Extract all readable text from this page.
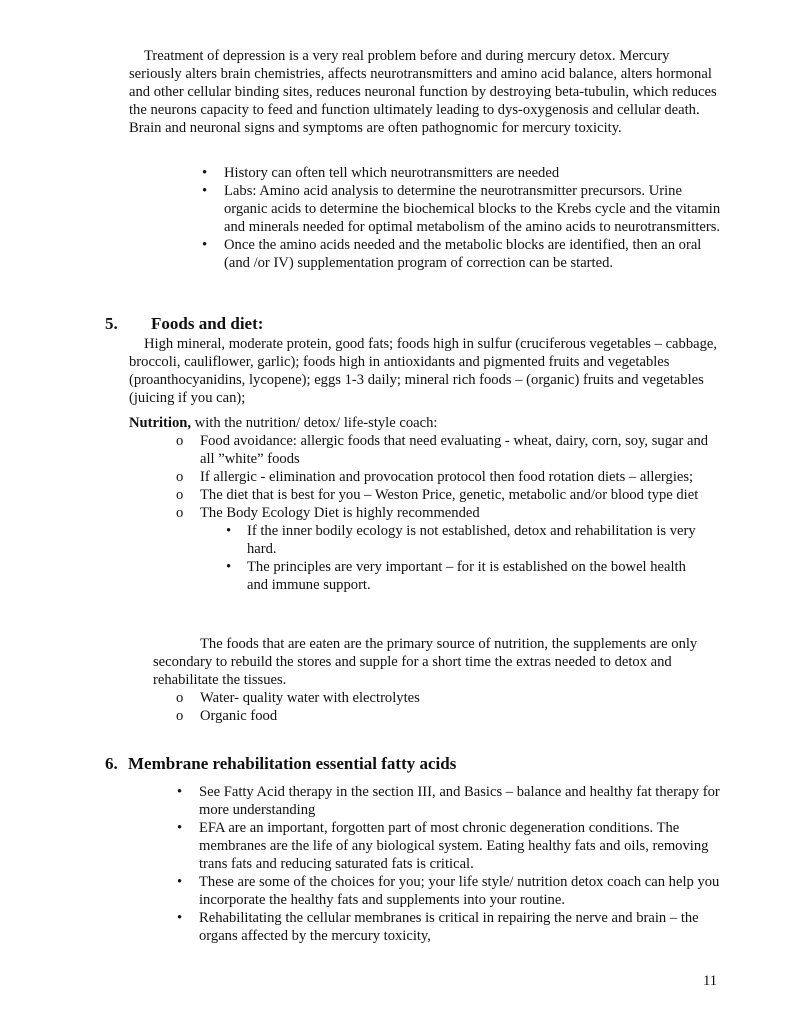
Treatment of depression is a very real problem before and during mercury detox. Mercury seriously alters brain chemistries, affects neurotransmitters and amino acid balance, alters hormonal and other cellular binding sites, reduces neuronal function by destroying beta-tubulin, which reduces the neurons capacity to feed and function ultimately leading to dys-oxygenosis and cellular death. Brain and neuronal signs and symptoms are often pathognomic for mercury toxicity.

• History can often tell which neurotransmitters are needed
• Labs: Amino acid analysis to determine the neurotransmitter precursors. Urine organic acids to determine the biochemical blocks to the Krebs cycle and the vitamin and minerals needed for optimal metabolism of the amino acids to neurotransmitters.
• Once the amino acids needed and the metabolic blocks are identified, then an oral (and /or IV) supplementation program of correction can be started.
5. Foods and diet:

High mineral, moderate protein, good fats; foods high in sulfur (cruciferous vegetables – cabbage, broccoli, cauliflower, garlic); foods high in antioxidants and pigmented fruits and vegetables (proanthocyanidins, lycopene); eggs 1-3 daily; mineral rich foods – (organic) fruits and vegetables (juicing if you can);

Nutrition, with the nutrition/ detox/ life-style coach:

o Food avoidance: allergic foods that need evaluating - wheat, dairy, corn, soy, sugar and all ”white” foods
o If allergic - elimination and provocation protocol then food rotation diets – allergies;
o The diet that is best for you – Weston Price, genetic, metabolic and/or blood type diet
o The Body Ecology Diet is highly recommended
• If the inner bodily ecology is not established, detox and rehabilitation is very hard.
• The principles are very important – for it is established on the bowel health and immune support.

The foods that are eaten are the primary source of nutrition, the supplements are only secondary to rebuild the stores and supple for a short time the extras needed to detox and rehabilitate the tissues.

o Water- quality water with electrolytes
o Organic food
6. Membrane rehabilitation essential fatty acids
• See Fatty Acid therapy in the section III, and Basics – balance and healthy fat therapy for more understanding
• EFA are an important, forgotten part of most chronic degeneration conditions. The membranes are the life of any biological system. Eating healthy fats and oils, removing trans fats and reducing saturated fats is critical.
• These are some of the choices for you; your life style/ nutrition detox coach can help you incorporate the healthy fats and supplements into your routine.
• Rehabilitating the cellular membranes is critical in repairing the nerve and brain – the organs affected by the mercury toxicity,
11
